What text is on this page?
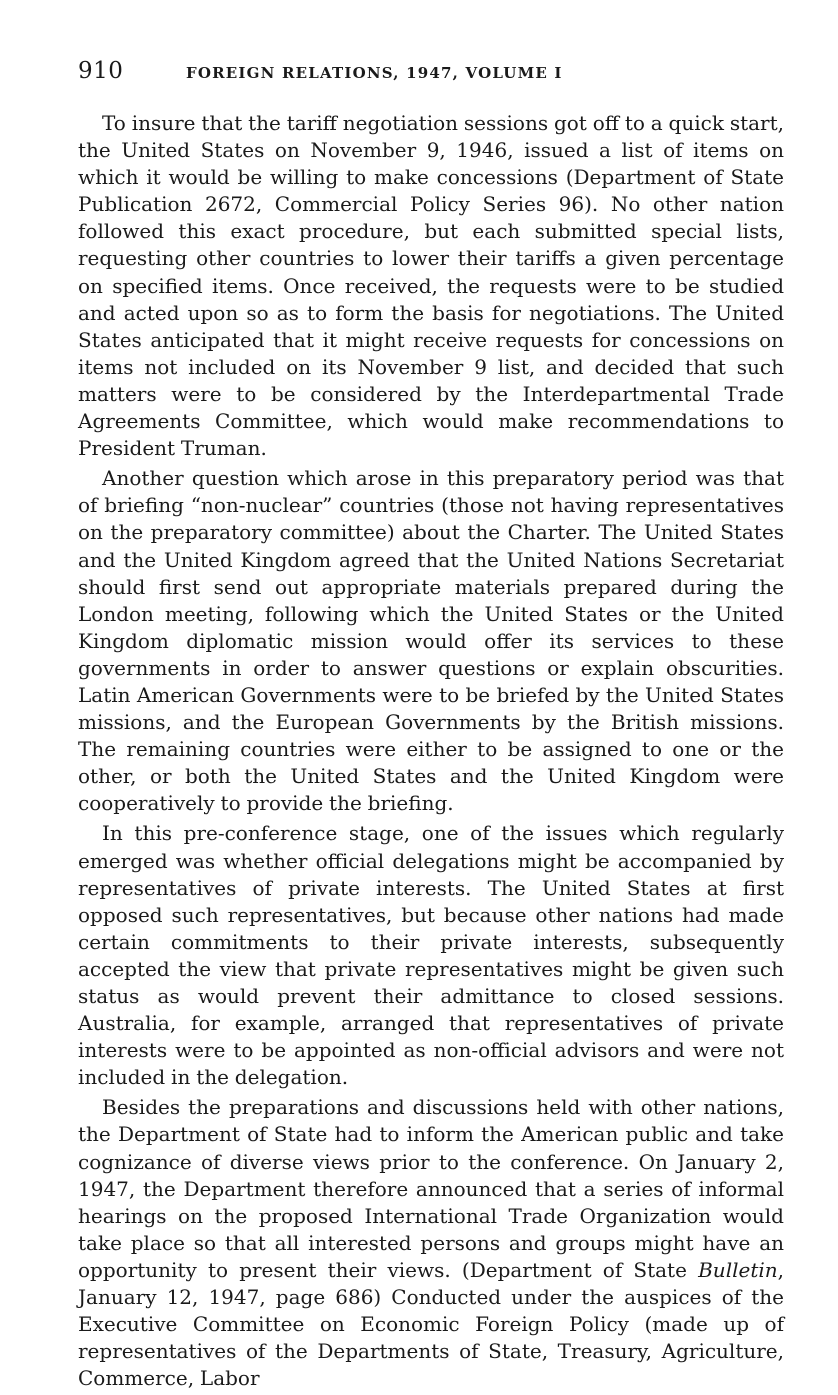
910	FOREIGN RELATIONS, 1947, VOLUME I

To insure that the tariff negotiation sessions got off to a quick start, the United States on November 9, 1946, issued a list of items on which it would be willing to make concessions (Department of State Publication 2672, Commercial Policy Series 96). No other nation followed this exact procedure, but each submitted special lists, requesting other countries to lower their tariffs a given percentage on specified items. Once received, the requests were to be studied and acted upon so as to form the basis for negotiations. The United States anticipated that it might receive requests for concessions on items not included on its November 9 list, and decided that such matters were to be considered by the Interdepartmental Trade Agreements Committee, which would make recommendations to President Truman.

Another question which arose in this preparatory period was that of briefing “non-nuclear” countries (those not having representatives on the preparatory committee) about the Charter. The United States and the United Kingdom agreed that the United Nations Secretariat should first send out appropriate materials prepared during the London meeting, following which the United States or the United Kingdom diplomatic mission would offer its services to these governments in order to answer questions or explain obscurities. Latin American Governments were to be briefed by the United States missions, and the European Governments by the British missions. The remaining countries were either to be assigned to one or the other, or both the United States and the United Kingdom were cooperatively to provide the briefing.

In this pre-conference stage, one of the issues which regularly emerged was whether official delegations might be accompanied by representatives of private interests. The United States at first opposed such representatives, but because other nations had made certain commitments to their private interests, subsequently accepted the view that private representatives might be given such status as would prevent their admittance to closed sessions. Australia, for example, arranged that representatives of private interests were to be appointed as non-official advisors and were not included in the delegation.

Besides the preparations and discussions held with other nations, the Department of State had to inform the American public and take cognizance of diverse views prior to the conference. On January 2, 1947, the Department therefore announced that a series of informal hearings on the proposed International Trade Organization would take place so that all interested persons and groups might have an opportunity to present their views. (Department of State Bulletin, January 12, 1947, page 686) Conducted under the auspices of the Executive Committee on Economic Foreign Policy (made up of representatives of the Departments of State, Treasury, Agriculture, Commerce, Labor
